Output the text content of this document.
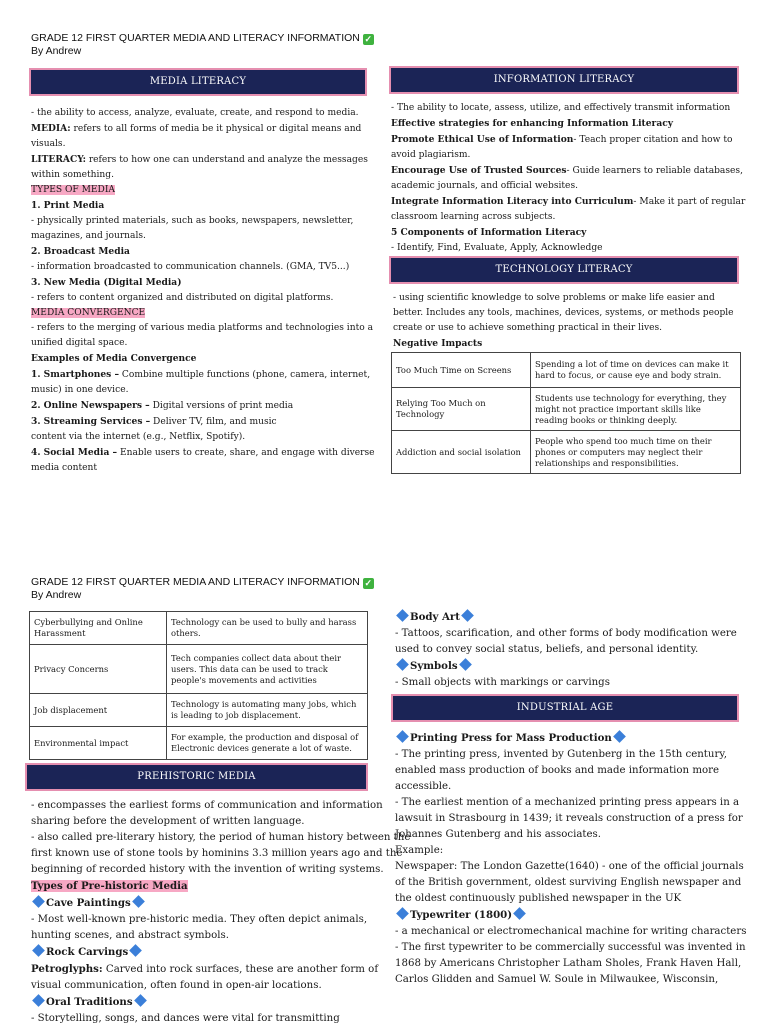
GRADE 12 FIRST QUARTER MEDIA AND LITERACY INFORMATION ✓
By Andrew
MEDIA LITERACY
- the ability to access, analyze, evaluate, create, and respond to media.
MEDIA: refers to all forms of media be it physical or digital means and
visuals.
LITERACY: refers to how one can understand and analyze the messages
within something.
TYPES OF MEDIA
1. Print Media
- physically printed materials, such as books, newspapers, newsletter,
magazines, and journals.
2. Broadcast Media
- information broadcasted to communication channels. (GMA, TV5...)
3. New Media (Digital Media)
- refers to content organized and distributed on digital platforms.
MEDIA CONVERGENCE
- refers to the merging of various media platforms and technologies into a
unified digital space.
Examples of Media Convergence
1. Smartphones – Combine multiple functions (phone, camera, internet,
music) in one device.
2. Online Newspapers – Digital versions of print media
3. Streaming Services – Deliver TV, film, and music
content via the internet (e.g., Netflix, Spotify).
4. Social Media – Enable users to create, share, and engage with diverse
media content
INFORMATION LITERACY
- The ability to locate, assess, utilize, and effectively transmit information
Effective strategies for enhancing Information Literacy
Promote Ethical Use of Information- Teach proper citation and how to
avoid plagiarism.
Encourage Use of Trusted Sources- Guide learners to reliable databases,
academic journals, and official websites.
Integrate Information Literacy into Curriculum- Make it part of regular
classroom learning across subjects.
5 Components of Information Literacy
- Identify, Find, Evaluate, Apply, Acknowledge
TECHNOLOGY LITERACY
- using scientific knowledge to solve problems or make life easier and
better. Includes any tools, machines, devices, systems, or methods people
create or use to achieve something practical in their lives.
Negative Impacts
Too Much Time on Screens	Spending a lot of time on devices can make it hard to focus, or cause eye and body strain.
Relying Too Much on Technology	Students use technology for everything, they might not practice important skills like reading books or thinking deeply.
Addiction and social isolation	People who spend too much time on their phones or computers may neglect their relationships and responsibilities.
GRADE 12 FIRST QUARTER MEDIA AND LITERACY INFORMATION ✓
By Andrew
Cyberbullying and Online Harassment	Technology can be used to bully and harass others.
Privacy Concerns	Tech companies collect data about their users. This data can be used to track people's movements and activities
Job displacement	Technology is automating many jobs, which is leading to job displacement.
Environmental impact	For example, the production and disposal of Electronic devices generate a lot of waste.
PREHISTORIC MEDIA
- encompasses the earliest forms of communication and information
sharing before the development of written language.
- also called pre-literary history, the period of human history between the
first known use of stone tools by hominins 3.3 million years ago and the
beginning of recorded history with the invention of writing systems.
Types of Pre-historic Media
Cave Paintings
- Most well-known pre-historic media. They often depict animals,
hunting scenes, and abstract symbols.
Rock Carvings
Petroglyphs: Carved into rock surfaces, these are another form of
visual communication, often found in open-air locations.
Oral Traditions
- Storytelling, songs, and dances were vital for transmitting
Body Art
- Tattoos, scarification, and other forms of body modification were
used to convey social status, beliefs, and personal identity.
Symbols
- Small objects with markings or carvings
INDUSTRIAL AGE
Printing Press for Mass Production
- The printing press, invented by Gutenberg in the 15th century,
enabled mass production of books and made information more
accessible.
- The earliest mention of a mechanized printing press appears in a
lawsuit in Strasbourg in 1439; it reveals construction of a press for
Johannes Gutenberg and his associates.
Example:
Newspaper: The London Gazette(1640) - one of the official journals
of the British government, oldest surviving English newspaper and
the oldest continuously published newspaper in the UK
Typewriter (1800)
- a mechanical or electromechanical machine for writing characters
- The first typewriter to be commercially successful was invented in
1868 by Americans Christopher Latham Sholes, Frank Haven Hall,
Carlos Glidden and Samuel W. Soule in Milwaukee, Wisconsin,
